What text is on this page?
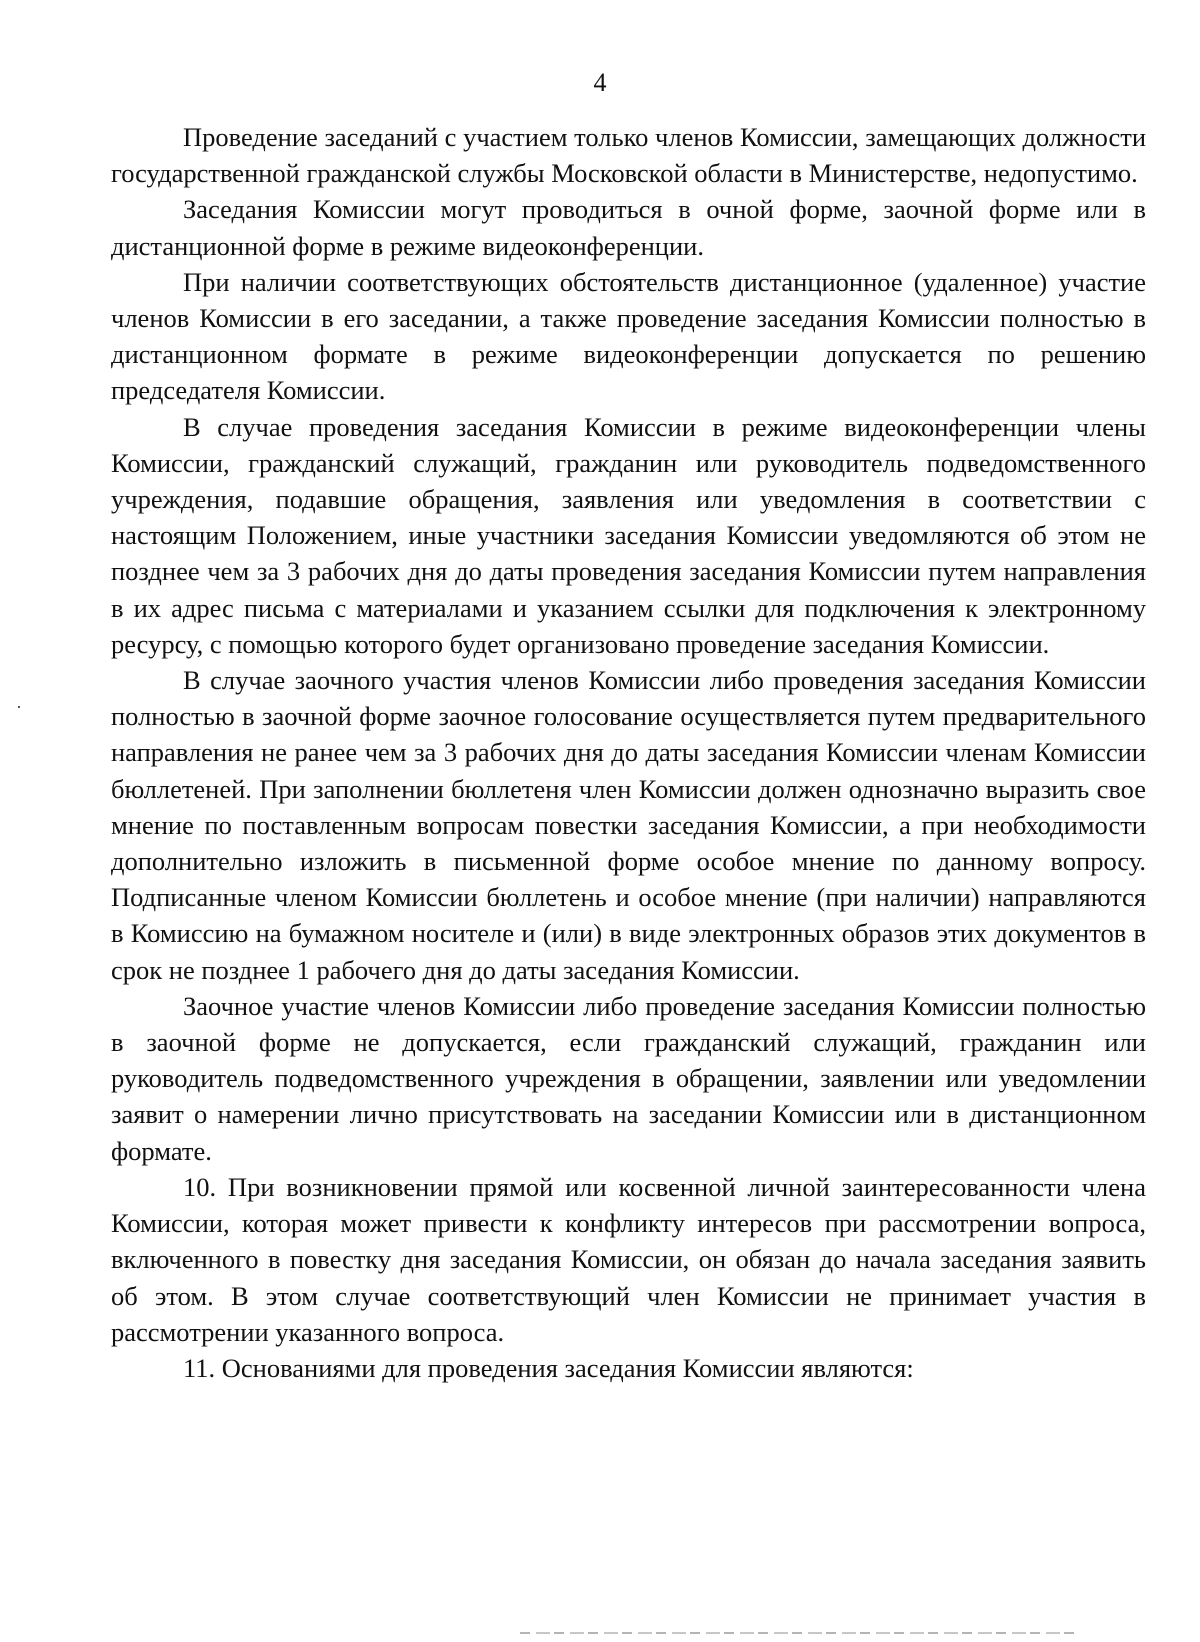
4

Проведение заседаний с участием только членов Комиссии, замещающих должности государственной гражданской службы Московской области в Министерстве, недопустимо.

Заседания Комиссии могут проводиться в очной форме, заочной форме или в дистанционной форме в режиме видеоконференции.

При наличии соответствующих обстоятельств дистанционное (удаленное) участие членов Комиссии в его заседании, а также проведение заседания Комиссии полностью в дистанционном формате в режиме видеоконференции допускается по решению председателя Комиссии.

В случае проведения заседания Комиссии в режиме видеоконференции члены Комиссии, гражданский служащий, гражданин или руководитель подведомственного учреждения, подавшие обращения, заявления или уведомления в соответствии с настоящим Положением, иные участники заседания Комиссии уведомляются об этом не позднее чем за 3 рабочих дня до даты проведения заседания Комиссии путем направления в их адрес письма с материалами и указанием ссылки для подключения к электронному ресурсу, с помощью которого будет организовано проведение заседания Комиссии.

В случае заочного участия членов Комиссии либо проведения заседания Комиссии полностью в заочной форме заочное голосование осуществляется путем предварительного направления не ранее чем за 3 рабочих дня до даты заседания Комиссии членам Комиссии бюллетеней. При заполнении бюллетеня член Комиссии должен однозначно выразить свое мнение по поставленным вопросам повестки заседания Комиссии, а при необходимости дополнительно изложить в письменной форме особое мнение по данному вопросу. Подписанные членом Комиссии бюллетень и особое мнение (при наличии) направляются в Комиссию на бумажном носителе и (или) в виде электронных образов этих документов в срок не позднее 1 рабочего дня до даты заседания Комиссии.

Заочное участие членов Комиссии либо проведение заседания Комиссии полностью в заочной форме не допускается, если гражданский служащий, гражданин или руководитель подведомственного учреждения в обращении, заявлении или уведомлении заявит о намерении лично присутствовать на заседании Комиссии или в дистанционном формате.

10. При возникновении прямой или косвенной личной заинтересованности члена Комиссии, которая может привести к конфликту интересов при рассмотрении вопроса, включенного в повестку дня заседания Комиссии, он обязан до начала заседания заявить об этом. В этом случае соответствующий член Комиссии не принимает участия в рассмотрении указанного вопроса.

11. Основаниями для проведения заседания Комиссии являются:
